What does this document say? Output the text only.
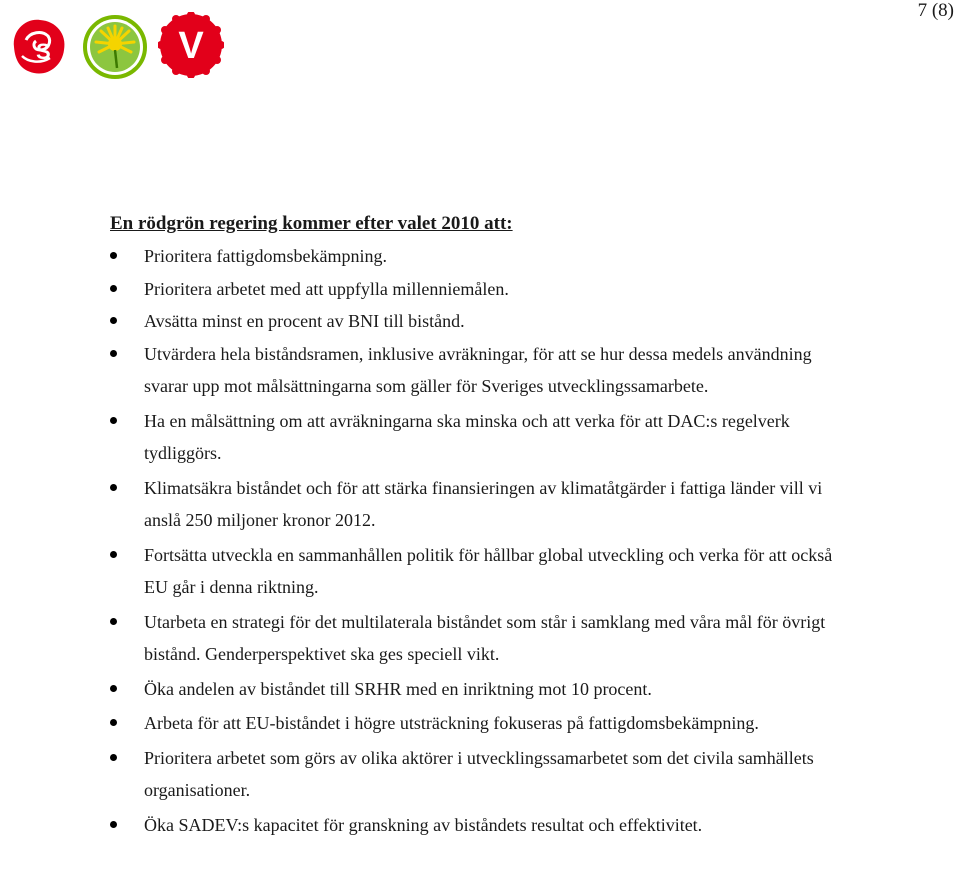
7 (8)
S	V
En rödgrön regering kommer efter valet 2010 att:
Prioritera fattigdomsbekämpning.
Prioritera arbetet med att uppfylla millenniemålen.
Avsätta minst en procent av BNI till bistånd.
Utvärdera hela biståndsramen, inklusive avräkningar, för att se hur dessa medels användning svarar upp mot målsättningarna som gäller för Sveriges utvecklingssamarbete.
Ha en målsättning om att avräkningarna ska minska och att verka för att DAC:s regelverk tydliggörs.
Klimatsäkra biståndet och för att stärka finansieringen av klimatåtgärder i fattiga länder vill vi anslå 250 miljoner kronor 2012.
Fortsätta utveckla en sammanhållen politik för hållbar global utveckling och verka för att också EU går i denna riktning.
Utarbeta en strategi för det multilaterala biståndet som står i samklang med våra mål för övrigt bistånd. Genderperspektivet ska ges speciell vikt.
Öka andelen av biståndet till SRHR med en inriktning mot 10 procent.
Arbeta för att EU-biståndet i högre utsträckning fokuseras på fattigdomsbekämpning.
Prioritera arbetet som görs av olika aktörer i utvecklingssamarbetet som det civila samhällets organisationer.
Öka SADEV:s kapacitet för granskning av biståndets resultat och effektivitet.
